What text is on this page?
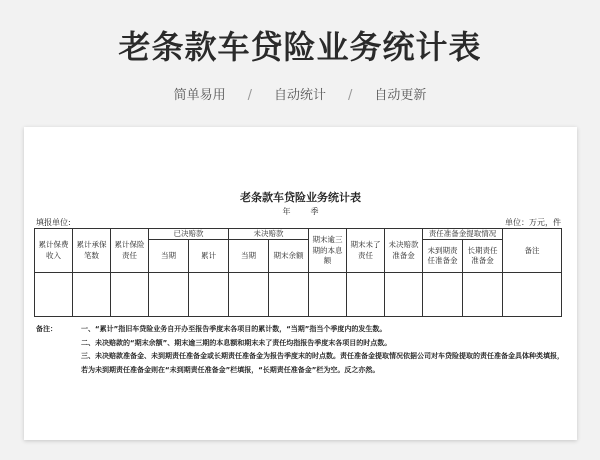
老条款车贷险业务统计表
简单易用 / 自动统计 / 自动更新
老条款车贷险业务统计表
年	季
填报单位:	单位：万元，件
累计保费收入	累计承保笔数	累计保险责任	已决赔款		未决赔款		期末逾三期的本息额	期末未了责任	未决赔款准备金	责任准备金提取情况		备注
			当期	累计	当期	期末余额				未到期责任准备金	长期责任准备金	

备注：	一、“累计”指旧车贷险业务自开办至报告季度末各项目的累计数，“当期”指当个季度内的发生数。
二、未决赔款的“期末余额”、期末逾三期的本息额和期末未了责任均指报告季度末各项目的时点数。
三、未决赔款准备金、未到期责任准备金或长期责任准备金为报告季度末的时点数。责任准备金提取情况依据公司对车贷险提取的责任准备金具体种类填报，若为未到期责任准备金则在“未到期责任准备金”栏填报，“长期责任准备金”栏为空。反之亦然。
